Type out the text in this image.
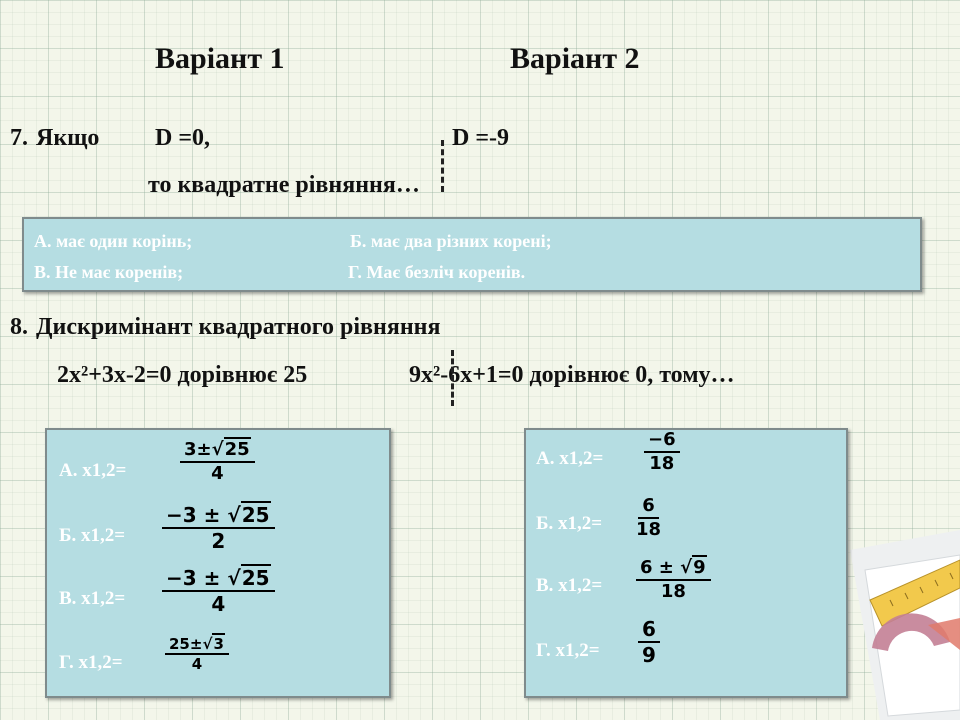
Варіант 1	Варіант 2
7. Якщо D =0,	D =-9
то квадратне рівняння…
А. має один корінь;	Б. має два різних корені;
В. Не має коренів;	Г. Має безліч коренів.
8. Дискримінант квадратного рівняння
2x²+3x-2=0 дорівнює 25	9x²-6x+1=0 дорівнює 0, тому…
А. x1,2=	$\frac{3\pm√25}{4}$
Б. $x1,2= \frac{-3 \pm √25}{2}$
В. $x1,2= \frac{-3 \pm √25}{4}$
Г. x1,2=	$\frac{25\pm√3}{4}$
А. $x1,2= \frac{-6}{18}$
Б. $x1,2= \frac{6}{18}$
В. $x1,2= \frac{6 \pm √9}{18}$
Г. $x1,2= \frac{6}{9}$
